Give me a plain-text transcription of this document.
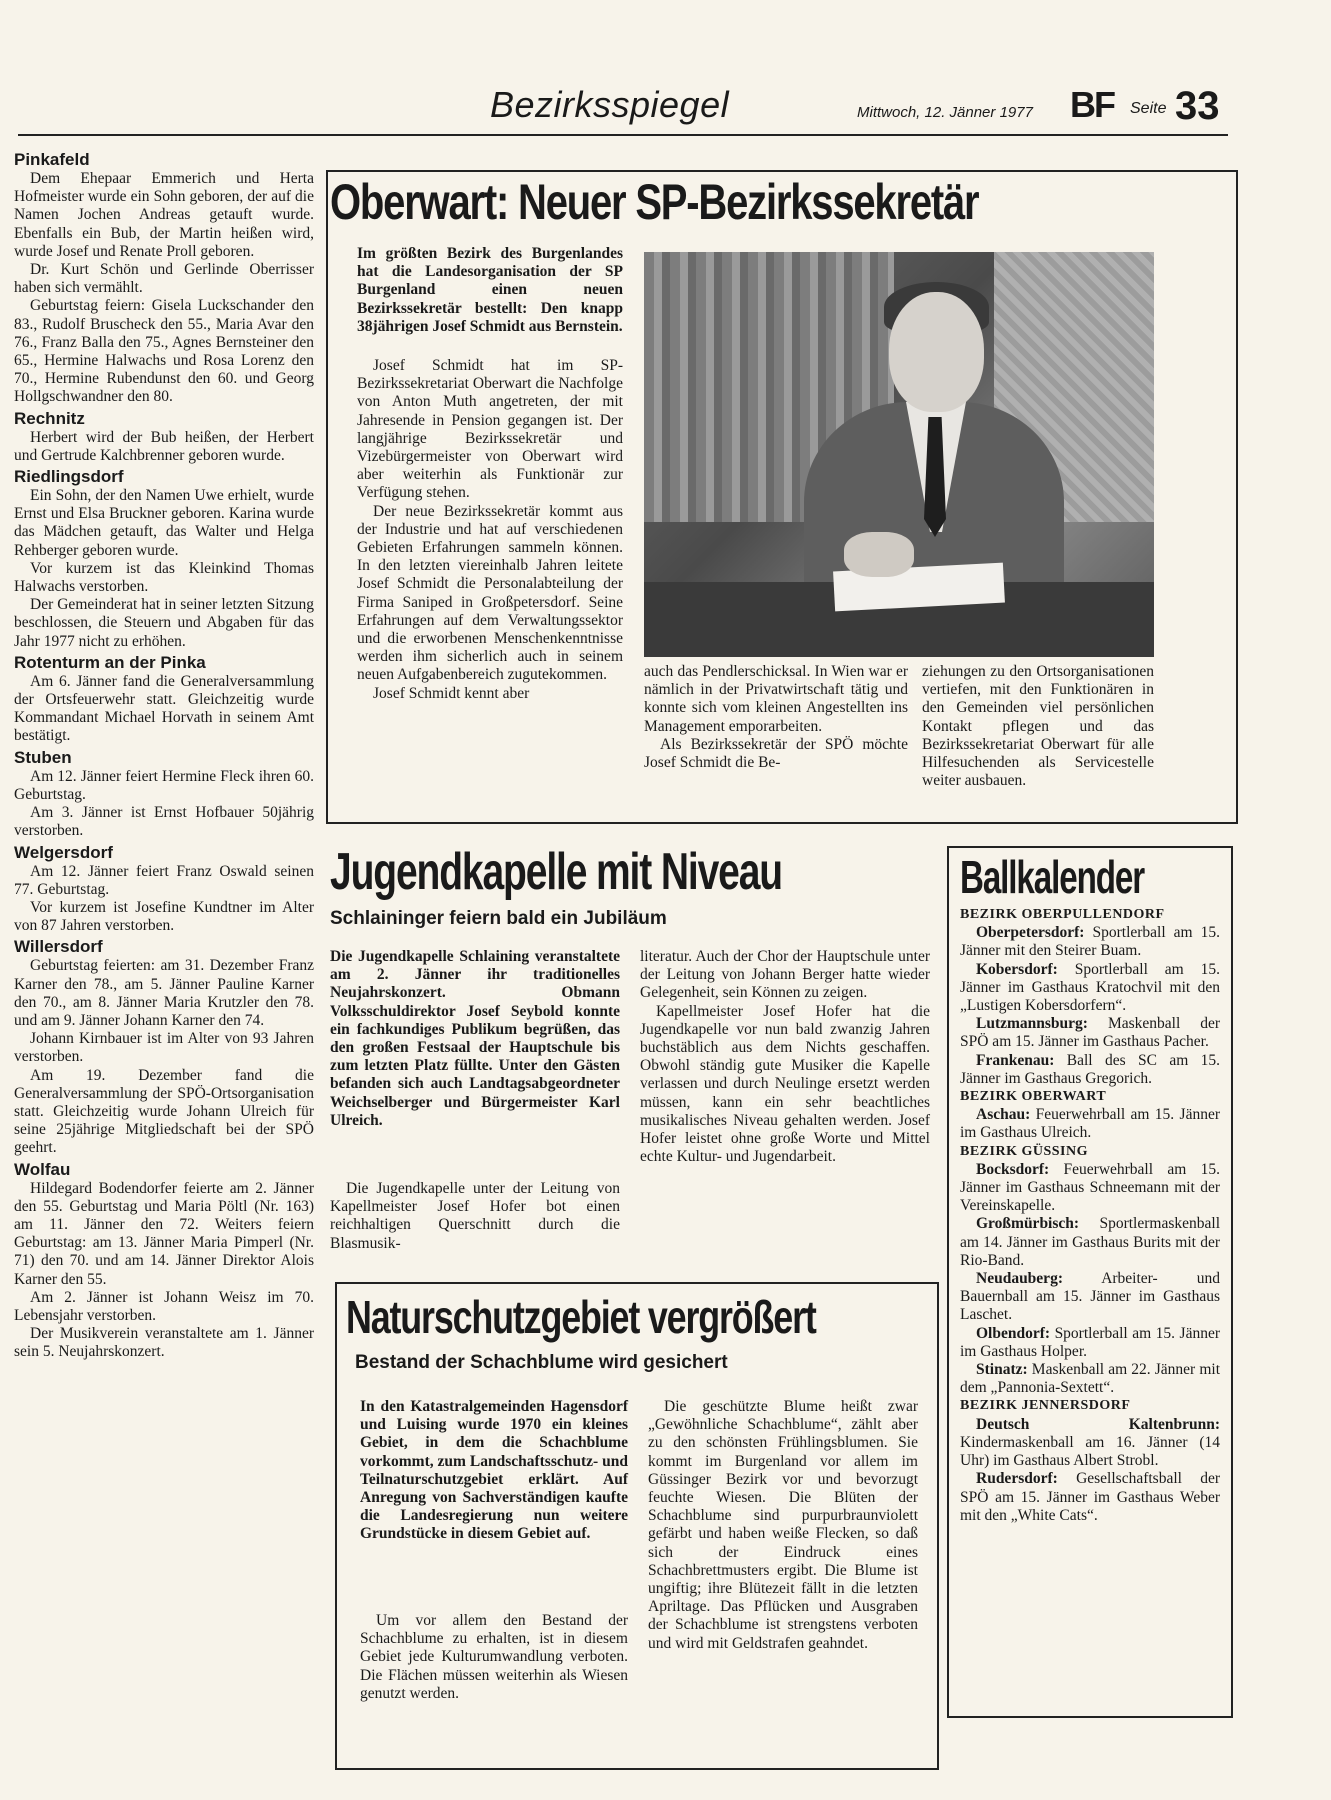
Bezirksspiegel	Mittwoch, 12. Jänner 1977 BF Seite 33
Pinkafeld

Dem Ehepaar Emmerich und Herta Hofmeister wurde ein Sohn geboren, der auf die Namen Jochen Andreas getauft wurde. Ebenfalls ein Bub, der Martin heißen wird, wurde Josef und Renate Proll geboren.

Dr. Kurt Schön und Gerlinde Oberrisser haben sich vermählt.

Geburtstag feiern: Gisela Luckschander den 83., Rudolf Bruscheck den 55., Maria Avar den 76., Franz Balla den 75., Agnes Bernsteiner den 65., Hermine Halwachs und Rosa Lorenz den 70., Hermine Rubendunst den 60. und Georg Hollgschwandner den 80.

Rechnitz

Herbert wird der Bub heißen, der Herbert und Gertrude Kalchbrenner geboren wurde.

Riedlingsdorf

Ein Sohn, der den Namen Uwe erhielt, wurde Ernst und Elsa Bruckner geboren. Karina wurde das Mädchen getauft, das Walter und Helga Rehberger geboren wurde.

Vor kurzem ist das Kleinkind Thomas Halwachs verstorben.

Der Gemeinderat hat in seiner letzten Sitzung beschlossen, die Steuern und Abgaben für das Jahr 1977 nicht zu erhöhen.

Rotenturm an der Pinka

Am 6. Jänner fand die Generalversammlung der Ortsfeuerwehr statt. Gleichzeitig wurde Kommandant Michael Horvath in seinem Amt bestätigt.

Stuben

Am 12. Jänner feiert Hermine Fleck ihren 60. Geburtstag.

Am 3. Jänner ist Ernst Hofbauer 50jährig verstorben.

Welgersdorf

Am 12. Jänner feiert Franz Oswald seinen 77. Geburtstag.

Vor kurzem ist Josefine Kundtner im Alter von 87 Jahren verstorben.

Willersdorf

Geburtstag feierten: am 31. Dezember Franz Karner den 78., am 5. Jänner Pauline Karner den 70., am 8. Jänner Maria Krutzler den 78. und am 9. Jänner Johann Karner den 74.

Johann Kirnbauer ist im Alter von 93 Jahren verstorben.

Am 19. Dezember fand die Generalversammlung der SPÖ-Ortsorganisation statt. Gleichzeitig wurde Johann Ulreich für seine 25jährige Mitgliedschaft bei der SPÖ geehrt.

Wolfau

Hildegard Bodendorfer feierte am 2. Jänner den 55. Geburtstag und Maria Pöltl (Nr. 163) am 11. Jänner den 72. Weiters feiern Geburtstag: am 13. Jänner Maria Pimperl (Nr. 71) den 70. und am 14. Jänner Direktor Alois Karner den 55.

Am 2. Jänner ist Johann Weisz im 70. Lebensjahr verstorben.

Der Musikverein veranstaltete am 1. Jänner sein 5. Neujahrskonzert.

Oberwart: Neuer SP-Bezirkssekretär

Im größten Bezirk des Burgenlandes hat die Landesorganisation der SP Burgenland einen neuen Bezirkssekretär bestellt: Den knapp 38jährigen Josef Schmidt aus Bernstein.

Josef Schmidt hat im SP-Bezirkssekretariat Oberwart die Nachfolge von Anton Muth angetreten, der mit Jahresende in Pension gegangen ist. Der langjährige Bezirkssekretär und Vizebürgermeister von Oberwart wird aber weiterhin als Funktionär zur Verfügung stehen.

Der neue Bezirkssekretär kommt aus der Industrie und hat auf verschiedenen Gebieten Erfahrungen sammeln können. In den letzten viereinhalb Jahren leitete Josef Schmidt die Personalabteilung der Firma Saniped in Großpetersdorf. Seine Erfahrungen auf dem Verwaltungssektor und die erworbenen Menschenkenntnisse werden ihm sicherlich auch in seinem neuen Aufgabenbereich zugutekommen.

Josef Schmidt kennt aber

auch das Pendlerschicksal. In Wien war er nämlich in der Privatwirtschaft tätig und konnte sich vom kleinen Angestellten ins Management emporarbeiten.

Als Bezirkssekretär der SPÖ möchte Josef Schmidt die Be-

ziehungen zu den Ortsorganisationen vertiefen, mit den Funktionären in den Gemeinden viel persönlichen Kontakt pflegen und das Bezirkssekretariat Oberwart für alle Hilfesuchenden als Servicestelle weiter ausbauen.

Jugendkapelle mit Niveau
Schlaininger feiern bald ein Jubiläum

Die Jugendkapelle Schlaining veranstaltete am 2. Jänner ihr traditionelles Neujahrskonzert. Obmann Volksschuldirektor Josef Seybold konnte ein fachkundiges Publikum begrüßen, das den großen Festsaal der Hauptschule bis zum letzten Platz füllte. Unter den Gästen befanden sich auch Landtagsabgeordneter Weichselberger und Bürgermeister Karl Ulreich.

Die Jugendkapelle unter der Leitung von Kapellmeister Josef Hofer bot einen reichhaltigen Querschnitt durch die Blasmusik-

literatur. Auch der Chor der Hauptschule unter der Leitung von Johann Berger hatte wieder Gelegenheit, sein Können zu zeigen.

Kapellmeister Josef Hofer hat die Jugendkapelle vor nun bald zwanzig Jahren buchstäblich aus dem Nichts geschaffen. Obwohl ständig gute Musiker die Kapelle verlassen und durch Neulinge ersetzt werden müssen, kann ein sehr beachtliches musikalisches Niveau gehalten werden. Josef Hofer leistet ohne große Worte und Mittel echte Kultur- und Jugendarbeit.

Naturschutzgebiet vergrößert
Bestand der Schachblume wird gesichert

In den Katastralgemeinden Hagensdorf und Luising wurde 1970 ein kleines Gebiet, in dem die Schachblume vorkommt, zum Landschaftsschutz- und Teilnaturschutzgebiet erklärt. Auf Anregung von Sachverständigen kaufte die Landesregierung nun weitere Grundstücke in diesem Gebiet auf.

Um vor allem den Bestand der Schachblume zu erhalten, ist in diesem Gebiet jede Kulturumwandlung verboten. Die Flächen müssen weiterhin als Wiesen genutzt werden.

Die geschützte Blume heißt zwar „Gewöhnliche Schachblume“, zählt aber zu den schönsten Frühlingsblumen. Sie kommt im Burgenland vor allem im Güssinger Bezirk vor und bevorzugt feuchte Wiesen. Die Blüten der Schachblume sind purpurbraunviolett gefärbt und haben weiße Flecken, so daß sich der Eindruck eines Schachbrettmusters ergibt. Die Blume ist ungiftig; ihre Blütezeit fällt in die letzten Apriltage. Das Pflücken und Ausgraben der Schachblume ist strengstens verboten und wird mit Geldstrafen geahndet.

Ballkalender

BEZIRK OBERPULLENDORF

Oberpetersdorf: Sportlerball am 15. Jänner mit den Steirer Buam.

Kobersdorf: Sportlerball am 15. Jänner im Gasthaus Kratochvil mit den „Lustigen Kobersdorfern“.

Lutzmannsburg: Maskenball der SPÖ am 15. Jänner im Gasthaus Pacher.

Frankenau: Ball des SC am 15. Jänner im Gasthaus Gregorich.

BEZIRK OBERWART

Aschau: Feuerwehrball am 15. Jänner im Gasthaus Ulreich.

BEZIRK GÜSSING

Bocksdorf: Feuerwehrball am 15. Jänner im Gasthaus Schneemann mit der Vereinskapelle.

Großmürbisch: Sportlermaskenball am 14. Jänner im Gasthaus Burits mit der Rio-Band.

Neudauberg: Arbeiter- und Bauernball am 15. Jänner im Gasthaus Laschet.

Olbendorf: Sportlerball am 15. Jänner im Gasthaus Holper.

Stinatz: Maskenball am 22. Jänner mit dem „Pannonia-Sextett“.

BEZIRK JENNERSDORF

Deutsch Kaltenbrunn: Kindermaskenball am 16. Jänner (14 Uhr) im Gasthaus Albert Strobl.

Rudersdorf: Gesellschaftsball der SPÖ am 15. Jänner im Gasthaus Weber mit den „White Cats“.
